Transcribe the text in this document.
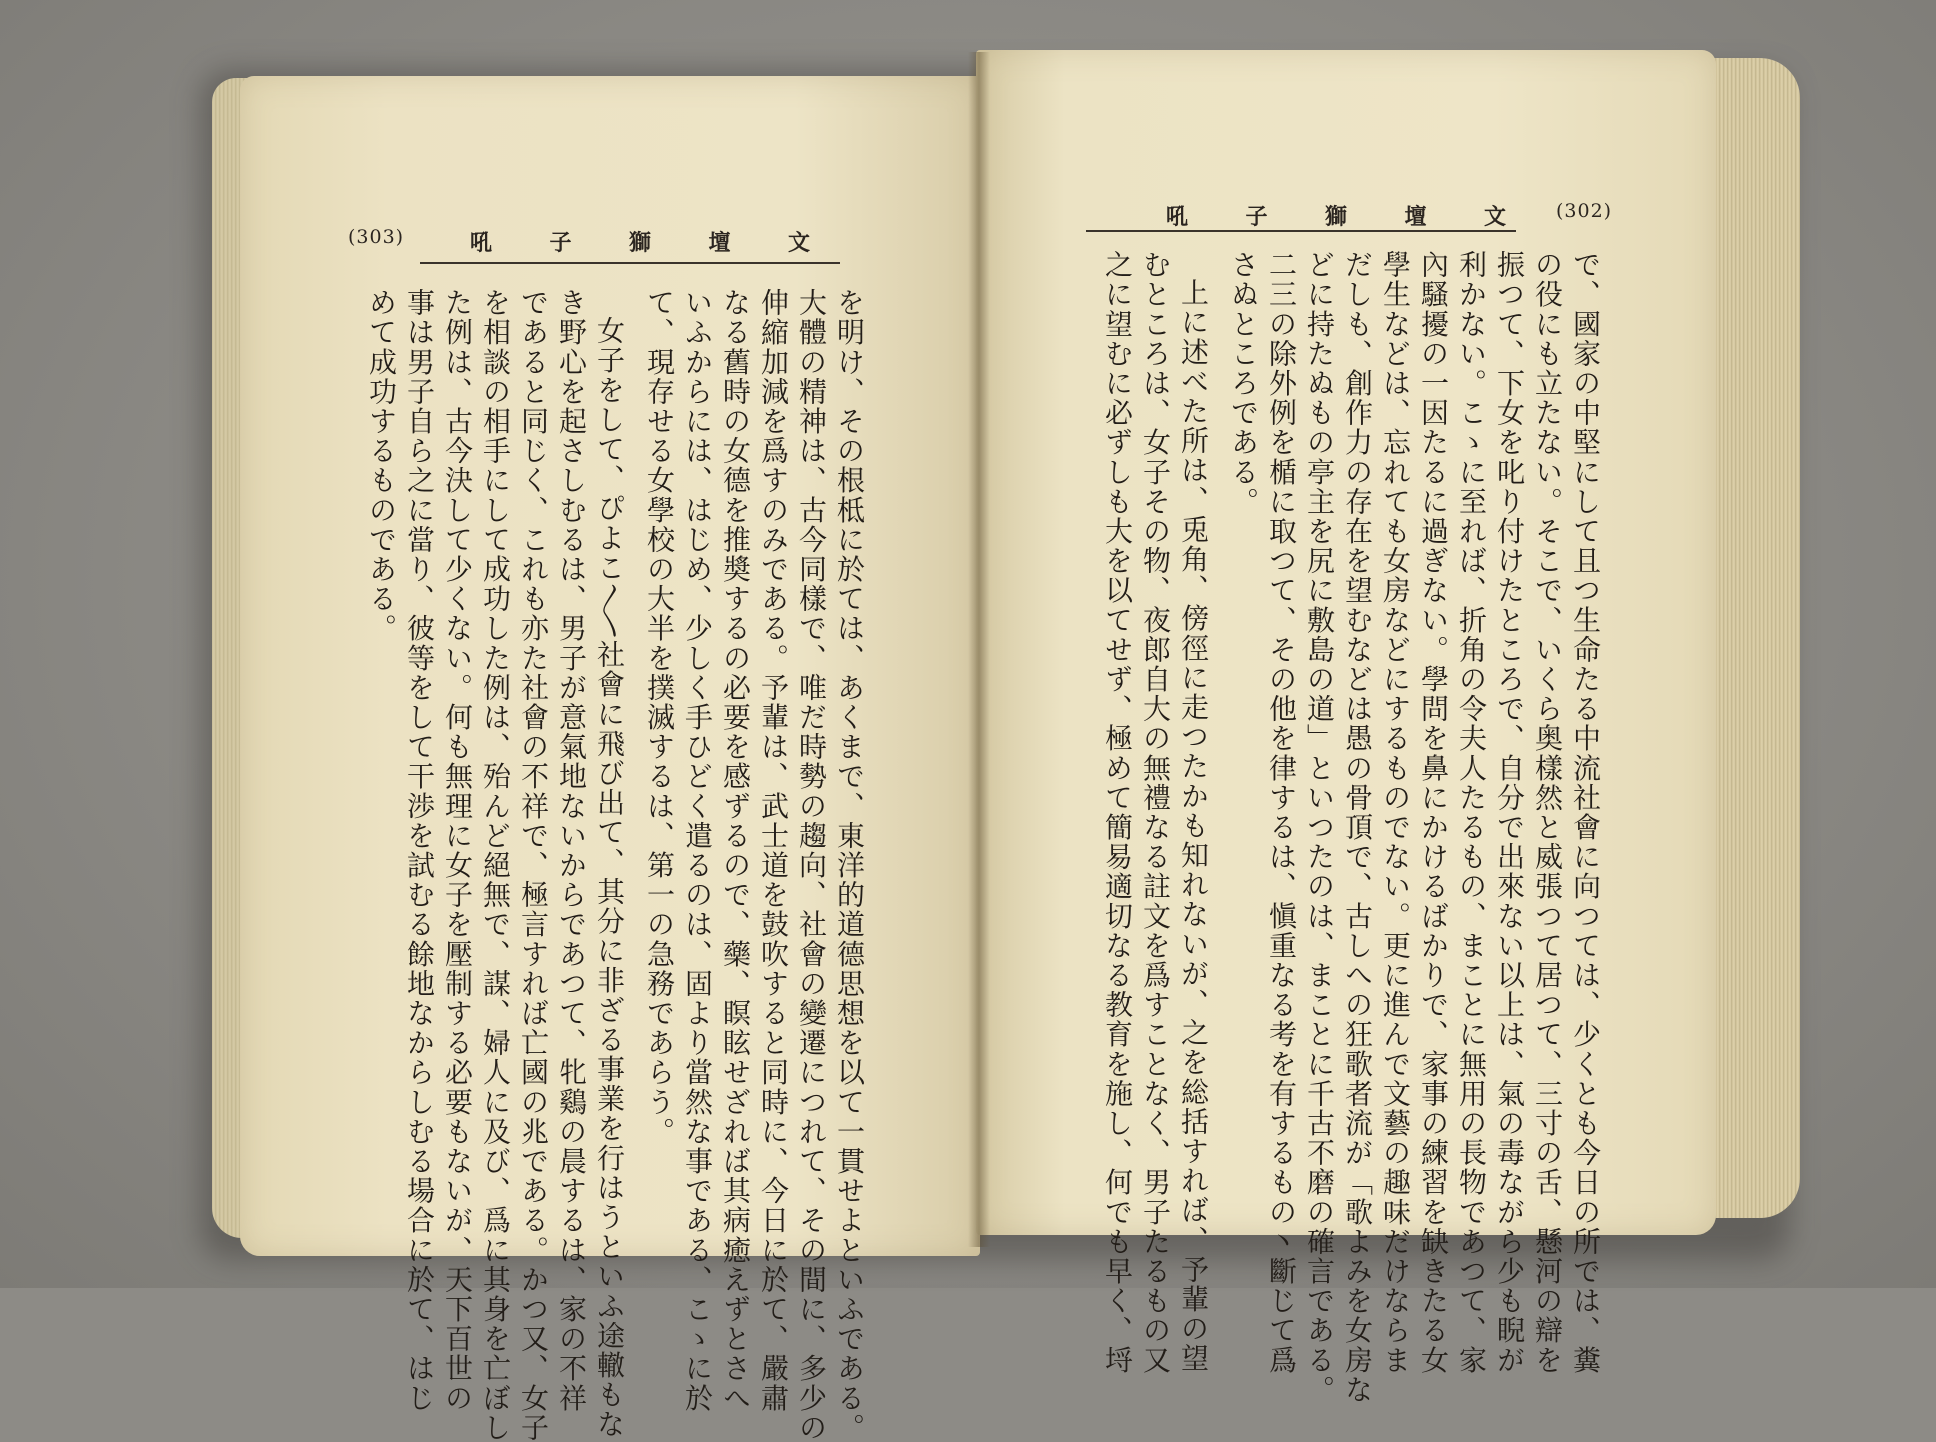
(303)	吼	子	獅	壇	文
を明け、その根柢に於ては、あくまで、東洋的道德思想を以て一貫せよといふである。
大體の精神は、古今同樣で、唯だ時勢の趨向、社會の變遷につれて、その間に、多少の
伸縮加減を爲すのみである。予輩は、武士道を鼓吹すると同時に、今日に於て、嚴肅
なる舊時の女德を推奬するの必要を感ずるので、藥、瞑眩せざれば其病癒えずとさへ
いふからには、はじめ、少しく手ひどく遣るのは、固より當然な事である、こゝに於
て、現存せる女學校の大半を撲滅するは、第一の急務であらう。
女子をして、ぴよこ〳〵社會に飛び出て、其分に非ざる事業を行はうといふ途轍もな
き野心を起さしむるは、男子が意氣地ないからであつて、牝鷄の晨するは、家の不祥
であると同じく、これも亦た社會の不祥で、極言すれば亡國の兆である。かつ又、女子
を相談の相手にして成功した例は、殆んど絕無で、謀、婦人に及び、爲に其身を亡ぼし
た例は、古今決して少くない。何も無理に女子を壓制する必要もないが、天下百世の
事は男子自ら之に當り、彼等をして干渉を試むる餘地なからしむる場合に於て、はじ
めて成功するものである。
吼	子	獅	壇	文	(302)
で、國家の中堅にして且つ生命たる中流社會に向つては、少くとも今日の所では、糞
の役にも立たない。そこで、いくら奥樣然と威張つて居つて、三寸の舌、懸河の辯を
振つて、下女を叱り付けたところで、自分で出來ない以上は、氣の毒ながら少も睨が
利かない。こゝに至れば、折角の令夫人たるもの、まことに無用の長物であつて、家
內騷擾の一因たるに過ぎない。學問を鼻にかけるばかりで、家事の練習を缺きたる女
學生などは、忘れても女房などにするものでない。更に進んで文藝の趣味だけならま
だしも、創作力の存在を望むなどは愚の骨頂で、古しへの狂歌者流が「歌よみを女房な
どに持たぬもの亭主を尻に敷島の道」といつたのは、まことに千古不磨の確言である。
二三の除外例を楯に取つて、その他を律するは、愼重なる考を有するもの丶斷じて爲
さぬところである。
上に述べた所は、兎角、傍徑に走つたかも知れないが、之を総括すれば、予輩の望
むところは、女子その物、夜郎自大の無禮なる註文を爲すことなく、男子たるもの又
之に望むに必ずしも大を以てせず、極めて簡易適切なる教育を施し、何でも早く、埒
